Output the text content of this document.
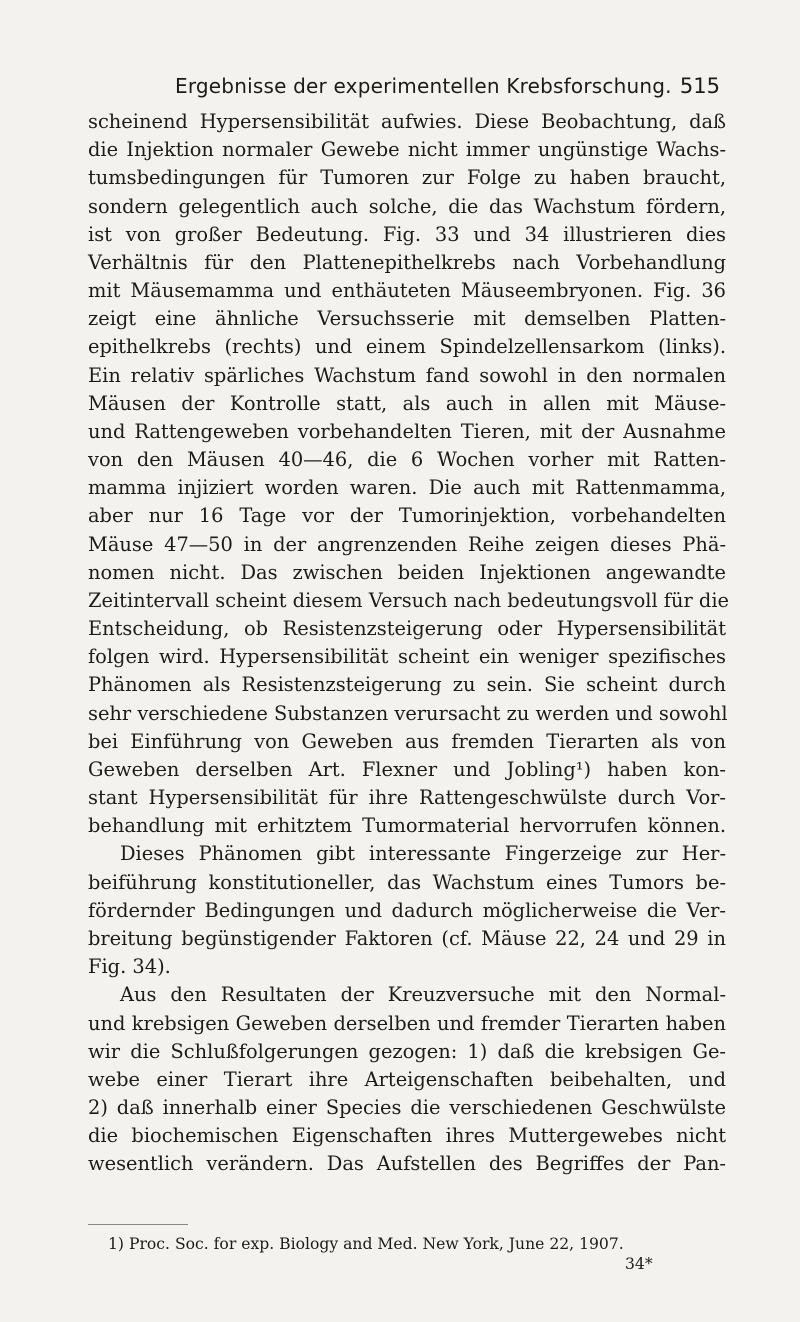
Ergebnisse der experimentellen Krebsforschung. 515
scheinend Hypersensibilität aufwies. Diese Beobachtung, daß
die Injektion normaler Gewebe nicht immer ungünstige Wachs-
tumsbedingungen für Tumoren zur Folge zu haben braucht,
sondern gelegentlich auch solche, die das Wachstum fördern,
ist von großer Bedeutung. Fig. 33 und 34 illustrieren dies
Verhältnis für den Plattenepithelkrebs nach Vorbehandlung
mit Mäusemamma und enthäuteten Mäuseembryonen. Fig. 36
zeigt eine ähnliche Versuchsserie mit demselben Platten-
epithelkrebs (rechts) und einem Spindelzellensarkom (links).
Ein relativ spärliches Wachstum fand sowohl in den normalen
Mäusen der Kontrolle statt, als auch in allen mit Mäuse-
und Rattengeweben vorbehandelten Tieren, mit der Ausnahme
von den Mäusen 40—46, die 6 Wochen vorher mit Ratten-
mamma injiziert worden waren. Die auch mit Rattenmamma,
aber nur 16 Tage vor der Tumorinjektion, vorbehandelten
Mäuse 47—50 in der angrenzenden Reihe zeigen dieses Phä-
nomen nicht. Das zwischen beiden Injektionen angewandte
Zeitintervall scheint diesem Versuch nach bedeutungsvoll für die
Entscheidung, ob Resistenzsteigerung oder Hypersensibilität
folgen wird. Hypersensibilität scheint ein weniger spezifisches
Phänomen als Resistenzsteigerung zu sein. Sie scheint durch
sehr verschiedene Substanzen verursacht zu werden und sowohl
bei Einführung von Geweben aus fremden Tierarten als von
Geweben derselben Art. Flexner und Jobling¹) haben kon-
stant Hypersensibilität für ihre Rattengeschwülste durch Vor-
behandlung mit erhitztem Tumormaterial hervorrufen können.
Dieses Phänomen gibt interessante Fingerzeige zur Her-
beiführung konstitutioneller, das Wachstum eines Tumors be-
fördernder Bedingungen und dadurch möglicherweise die Ver-
breitung begünstigender Faktoren (cf. Mäuse 22, 24 und 29 in
Fig. 34).
Aus den Resultaten der Kreuzversuche mit den Normal-
und krebsigen Geweben derselben und fremder Tierarten haben
wir die Schlußfolgerungen gezogen: 1) daß die krebsigen Ge-
webe einer Tierart ihre Arteigenschaften beibehalten, und
2) daß innerhalb einer Species die verschiedenen Geschwülste
die biochemischen Eigenschaften ihres Muttergewebes nicht
wesentlich verändern. Das Aufstellen des Begriffes der Pan-
1) Proc. Soc. for exp. Biology and Med. New York, June 22, 1907.
34*
